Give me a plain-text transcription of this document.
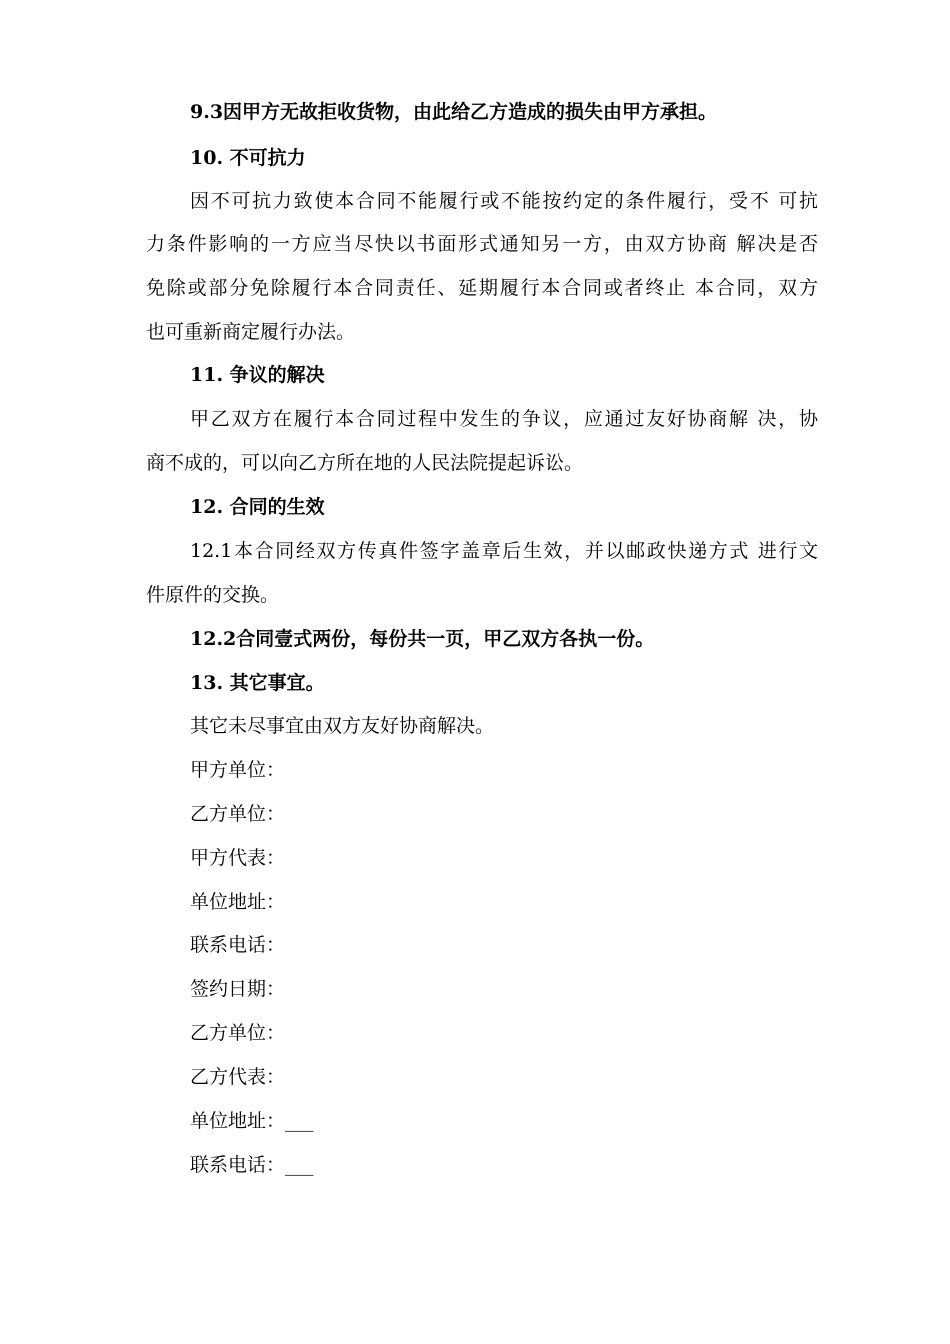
9.3因甲方无故拒收货物，由此给乙方造成的损失由甲方承担。
10. 不可抗力
因不可抗力致使本合同不能履行或不能按约定的条件履行，受不 可抗
力条件影响的一方应当尽快以书面形式通知另一方，由双方协商 解决是否
免除或部分免除履行本合同责任、延期履行本合同或者终止 本合同，双方
也可重新商定履行办法。
11. 争议的解决
甲乙双方在履行本合同过程中发生的争议，应通过友好协商解 决，协
商不成的，可以向乙方所在地的人民法院提起诉讼。
12. 合同的生效
12.1本合同经双方传真件签字盖章后生效，并以邮政快递方式 进行文
件原件的交换。
12.2合同壹式两份，每份共一页，甲乙双方各执一份。
13. 其它事宜。
其它未尽事宜由双方友好协商解决。
甲方单位：
乙方单位：
甲方代表：
单位地址：
联系电话：
签约日期：
乙方单位：
乙方代表：
单位地址：___
联系电话：___
